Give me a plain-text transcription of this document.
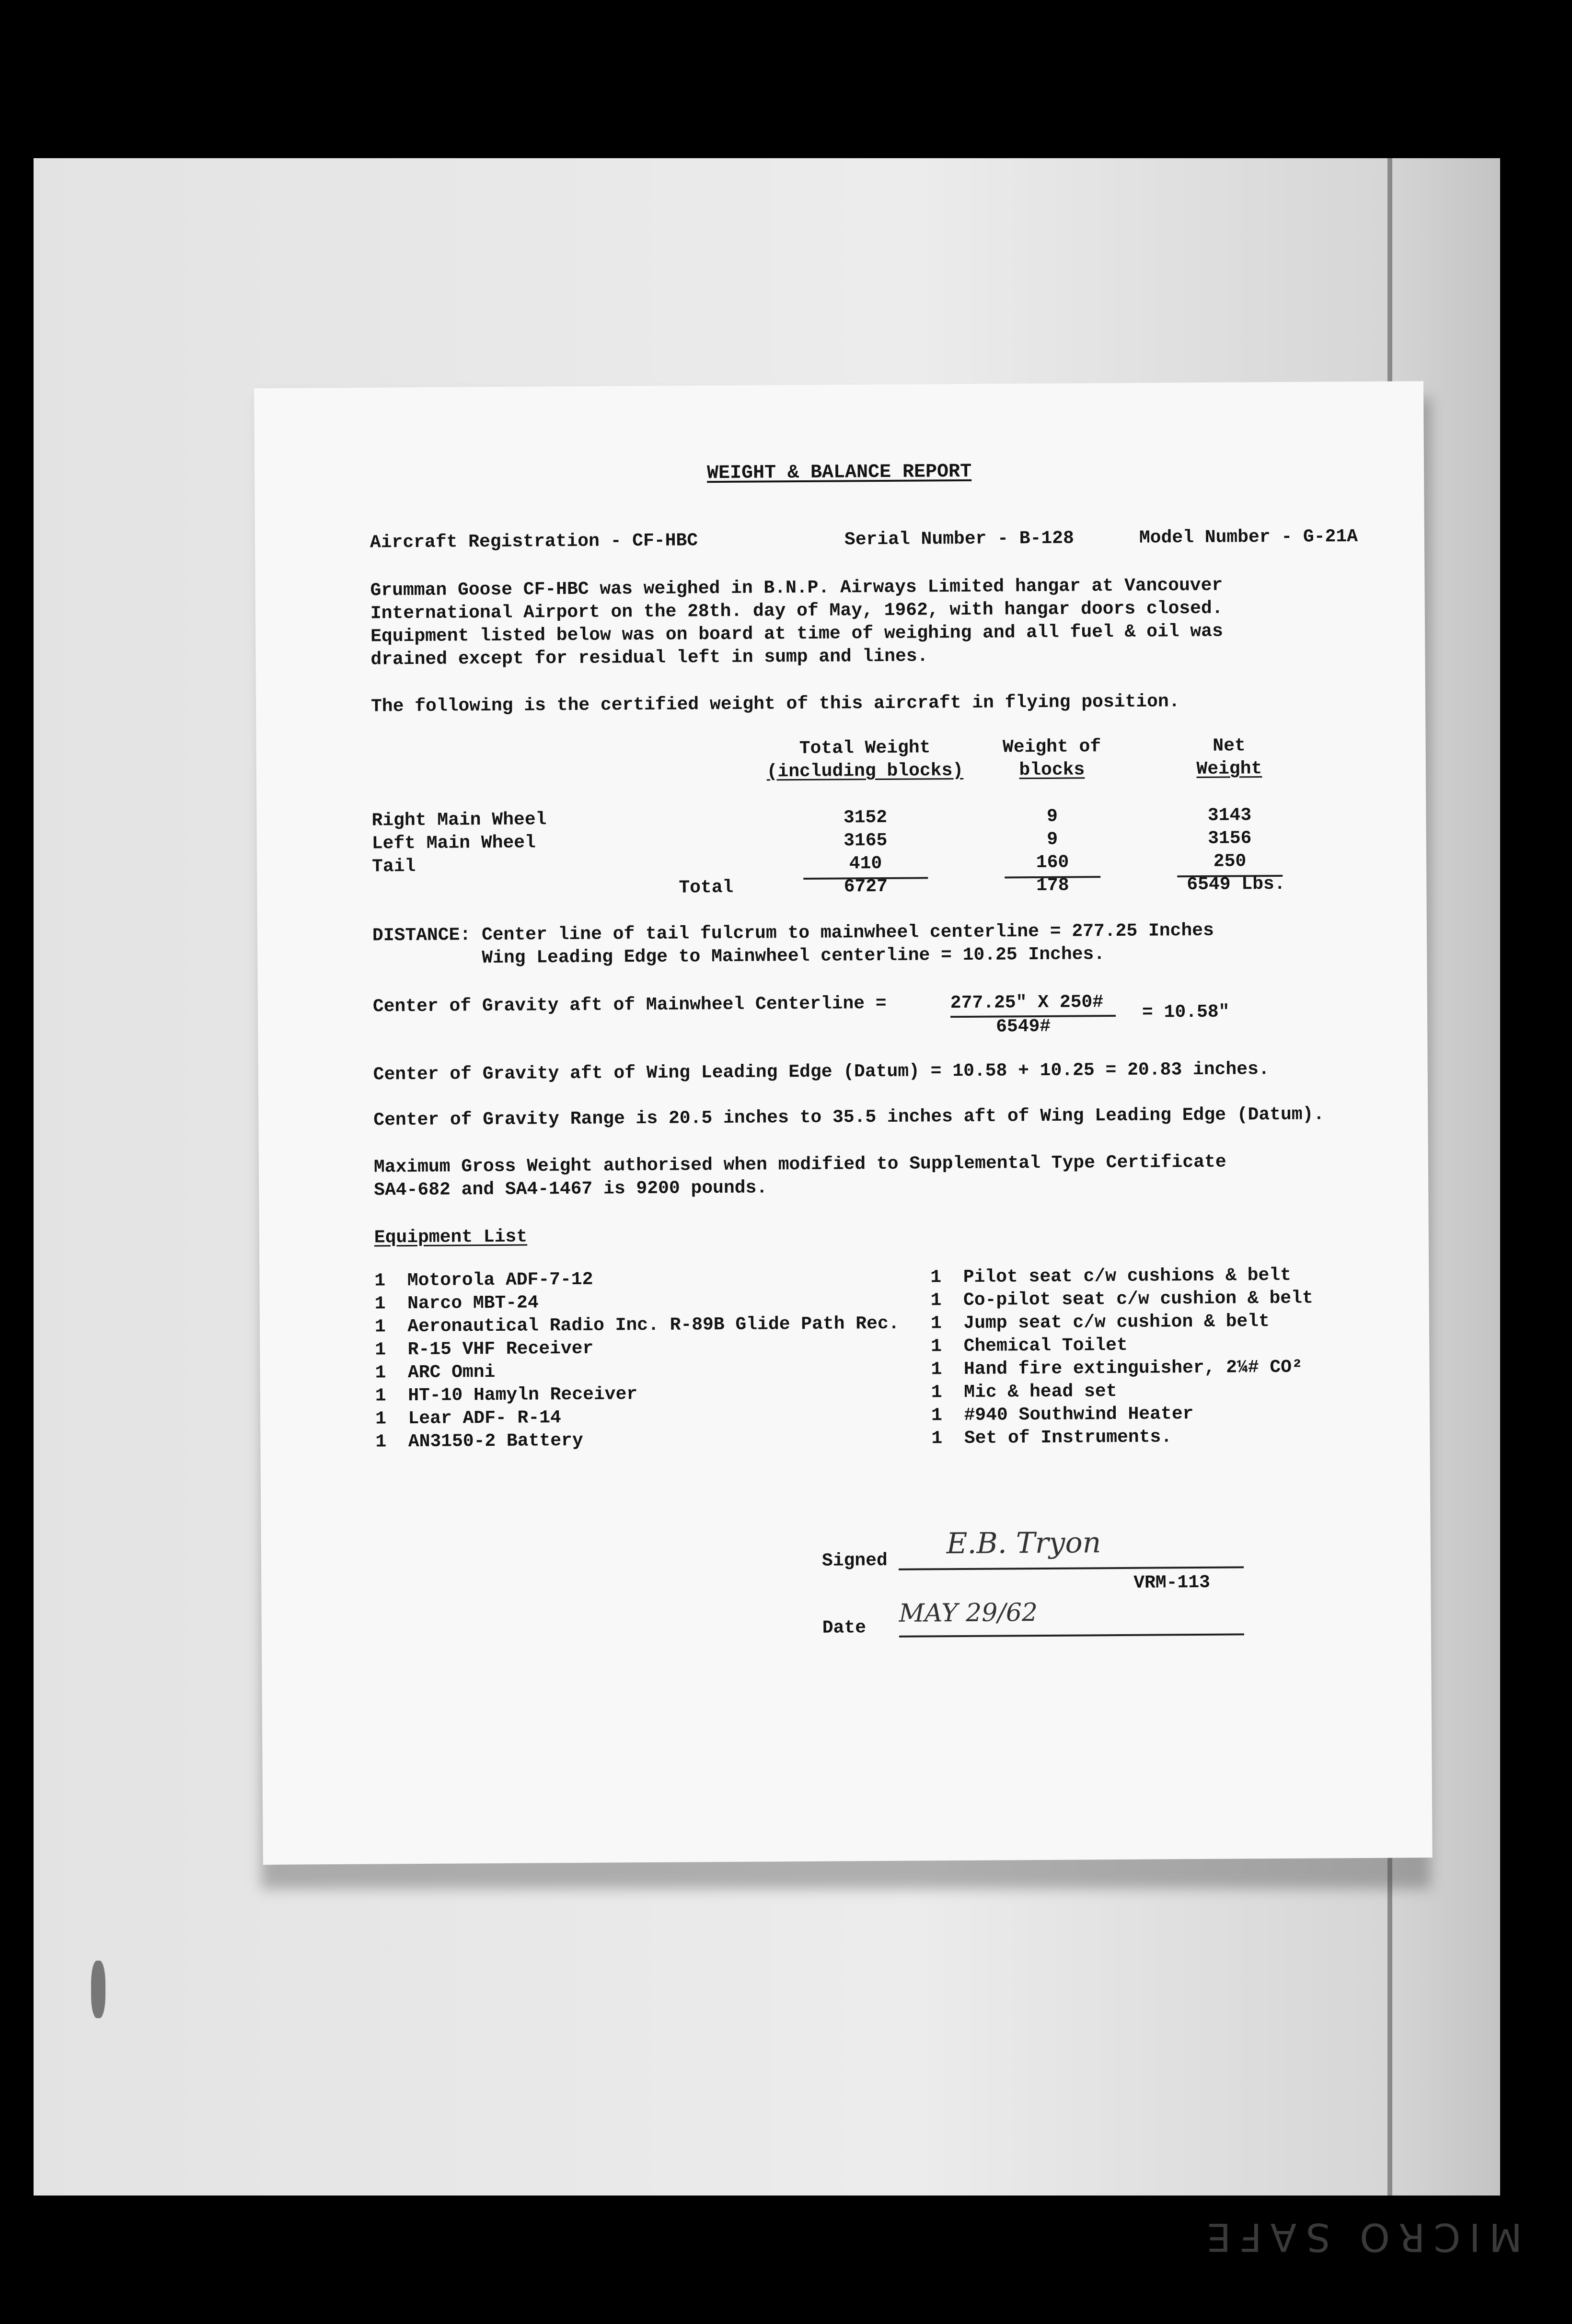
WEIGHT & BALANCE REPORT
Aircraft Registration - CF-HBC	Serial Number - B-128	Model Number - G-21A
Grumman Goose CF-HBC was weighed in B.N.P. Airways Limited hangar at Vancouver
International Airport on the 28th. day of May, 1962, with hangar doors closed.
Equipment listed below was on board at time of weighing and all fuel & oil was
drained except for residual left in sump and lines.
The following is the certified weight of this aircraft in flying position.
Total Weight
(including blocks)
Weight of
blocks
Net
Weight
Right Main Wheel	3152	9	3143
Left Main Wheel	3165	9	3156
Tail	410	160	250
Total	6727	178	6549 Lbs.
DISTANCE: Center line of tail fulcrum to mainwheel centerline = 277.25 Inches
Wing Leading Edge to Mainwheel centerline = 10.25 Inches.
Center of Gravity aft of Mainwheel Centerline =	277.25" X 250#
6549#
= 10.58"
Center of Gravity aft of Wing Leading Edge (Datum) = 10.58 + 10.25 = 20.83 inches.
Center of Gravity Range is 20.5 inches to 35.5 inches aft of Wing Leading Edge (Datum).
Maximum Gross Weight authorised when modified to Supplemental Type Certificate
SA4-682 and SA4-1467 is 9200 pounds.
Equipment List
1  Motorola ADF-7-12
1  Narco MBT-24
1  Aeronautical Radio Inc. R-89B Glide Path Rec.
1  R-15 VHF Receiver
1  ARC Omni
1  HT-10 Hamyln Receiver
1  Lear ADF- R-14
1  AN3150-2 Battery
1  Pilot seat c/w cushions & belt
1  Co-pilot seat c/w cushion & belt
1  Jump seat c/w cushion & belt
1  Chemical Toilet
1  Hand fire extinguisher, 2¼# CO²
1  Mic & head set
1  #940 Southwind Heater
1  Set of Instruments.
Signed
E.B. Tryon
VRM-113
Date
MAY 29/62
MICRO SAFE
